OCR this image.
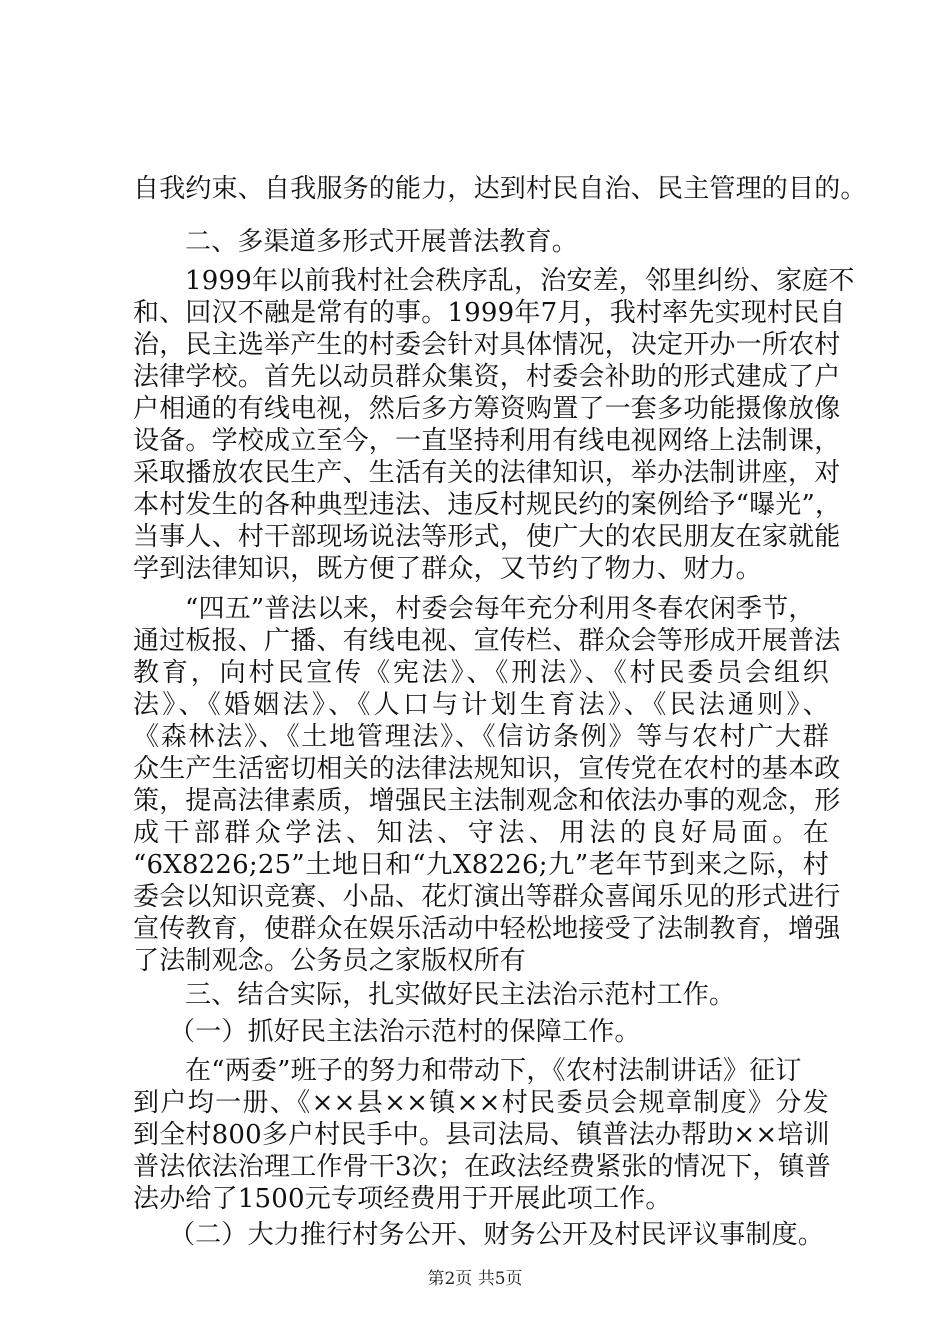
自我约束、自我服务的能力，达到村民自治、民主管理的目的。
二、多渠道多形式开展普法教育。
1999年以前我村社会秩序乱，治安差，邻里纠纷、家庭不
和、回汉不融是常有的事。1999年7月，我村率先实现村民自
治，民主选举产生的村委会针对具体情况，决定开办一所农村
法律学校。首先以动员群众集资，村委会补助的形式建成了户
户相通的有线电视，然后多方筹资购置了一套多功能摄像放像
设备。学校成立至今，一直坚持利用有线电视网络上法制课，
采取播放农民生产、生活有关的法律知识，举办法制讲座，对
本村发生的各种典型违法、违反村规民约的案例给予“曝光”，
当事人、村干部现场说法等形式，使广大的农民朋友在家就能
学到法律知识，既方便了群众，又节约了物力、财力。
“四五”普法以来，村委会每年充分利用冬春农闲季节，
通过板报、广播、有线电视、宣传栏、群众会等形成开展普法
教育，向村民宣传《宪法》、《刑法》、《村民委员会组织
法》、《婚姻法》、《人口与计划生育法》、《民法通则》、
《森林法》、《土地管理法》、《信访条例》等与农村广大群
众生产生活密切相关的法律法规知识，宣传党在农村的基本政
策，提高法律素质，增强民主法制观念和依法办事的观念，形
成干部群众学法、知法、守法、用法的良好局面。在
“6X8226;25”土地日和“九X8226;九”老年节到来之际，村
委会以知识竞赛、小品、花灯演出等群众喜闻乐见的形式进行
宣传教育，使群众在娱乐活动中轻松地接受了法制教育，增强
了法制观念。公务员之家版权所有
三、结合实际，扎实做好民主法治示范村工作。
（一）抓好民主法治示范村的保障工作。
在“两委”班子的努力和带动下，《农村法制讲话》征订
到户均一册、《××县××镇××村民委员会规章制度》分发
到全村800多户村民手中。县司法局、镇普法办帮助××培训
普法依法治理工作骨干3次；在政法经费紧张的情况下，镇普
法办给了1500元专项经费用于开展此项工作。
（二）大力推行村务公开、财务公开及村民评议事制度。
第2页 共5页
